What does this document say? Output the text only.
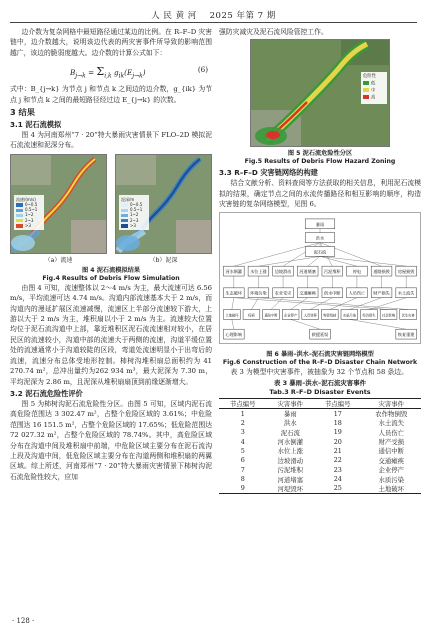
人 民 黄 河 2025 年第 7 期

边介数为复杂网格中最短路径通过某边的比例。在 R–F–D 灾害链中，边介数越大，说明该边代表的两灾害事件所导致的影响范围越广，该边的脆弱度越大。边介数的计算公式如下：

$B_{j\to k} = \Sigma_{i,k}$ $g_{ik}(E_{j\to k})$	(6)

式中：B_{j→k} 为节点 j 和节点 k 之间边的边介数，g_{ik} 为节点 j 和节点 k 之间的最短路径经过边 E_{j→k} 的次数。

3 结果
3.1 泥石流模拟

图 4 为河南郑州“7 · 20”特大暴雨灾害情景下 FLO–2D 模拟泥石流流速和泥深分布。

流速/(m/s)
0~0.5
0.5~1
1~2
2~3
>3
（a）流速
泥深/m
0~0.5
0.5~1
1~2
2~3
>3
（b）泥深
图 4 泥石流模拟结果
Fig.4 Results of Debris Flow Simulation

由图 4 可知，流速整体以 2～4 m/s 为主，最大流速可达 6.56 m/s，平均流速可达 4.74 m/s。沟道内部流速基本大于 2 m/s，而沟道内的漫延扩展区流速减慢，流速区上半部分流速较下游大，上游以大于 2 m/s 为主，堆积扇以小于 2 m/s 为主。流速较大位置均位于泥石流沟道中上部，靠近堆积区泥石流流速相对较小，在居民区的流速较小，沟道中部的流速大于两侧的流速，沟道平缓位置处的流速通常小于沟道较陡的区段，弯道处流速明显小于出弯后的流速，流速分布总体受地形控制。柿树沟堆积扇总面积约为 41 270.74 m²，总冲出量约为262 934 m³，最大泥深为 7.30 m，平均泥深为 2.86 m，且泥深从堆积扇扇顶到前缘逐渐增大。

3.2 泥石流危险性评价

图 5 为柿树沟泥石流危险性分区。由图 5 可知，区域内泥石流高危险范围达 3 302.47 m²，占整个危险区域的 3.61%；中危险范围达 16 151.5 m²，占整个危险区域的 17.65%；低危险范围达 72 027.32 m²，占整个危险区域的 78.74%。其中，高危险区域分布在沟道中间及堆积扇中前端，中危险区域主要分布在泥石流沟上段及沟道中间，低危险区域主要分布在沟道两侧和堆积扇的两翼区域。综上所述，河南郑州“7 · 20”特大暴雨灾害情景下柿树沟泥石流危险性较大，应加

强防灾减灾及泥石流风险管控工作。

危险性
低
中
高
图 5 泥石流危险性分区
Fig.5 Results of Debris Flow Hazard Zoning
3.3 R–F–D 灾害链网络的构建

结合文献分析、资料查阅等方法获取的相关信息，利用泥石流模拟的结果，确定节点之间的水流传播路径和相互影响的顺序，构造灾害链的复杂网络模型，见图 6。

暴雨
洪水
泥石流
河水倒灌 水位上涨 边坡滑动 河道堵塞 污泥堆积	停电	道路损毁 房屋损毁
生态破坏 环境污染 农业受灾 交通瘫痪 供水中断 人员伤亡 财产损失 水土流失
土地破坏	疫病	通信中断 企业停产 人员转移 物资短缺 水质污染 经济损失 社会影响 次生灾害
心理影响	救援延误	恢复重建
图 6 暴雨–洪水–泥石流灾害链网络模型
Fig.6 Construction of the R–F–D Disaster Chain Network

表 3 为模型中灾害事件，被抽象为 32 个节点和 58 条边。

表 3 暴雨–洪水–泥石流灾害事件
Tab.3 R–F–D Disaster Events
节点编号	灾害事件	节点编号	灾害事件
1	暴雨	17	农作物倒毁
2	洪水	18	水土流失
3	泥石流	19	人员伤亡
4	河水倒灌	20	财产受损
5	水位上涨	21	通信中断
6	边坡滑动	22	交通瘫痪
7	污泥堆积	23	企业停产
8	河道堵塞	24	水质污染
9	河堤毁坏	25	土地破坏
· 128 ·
